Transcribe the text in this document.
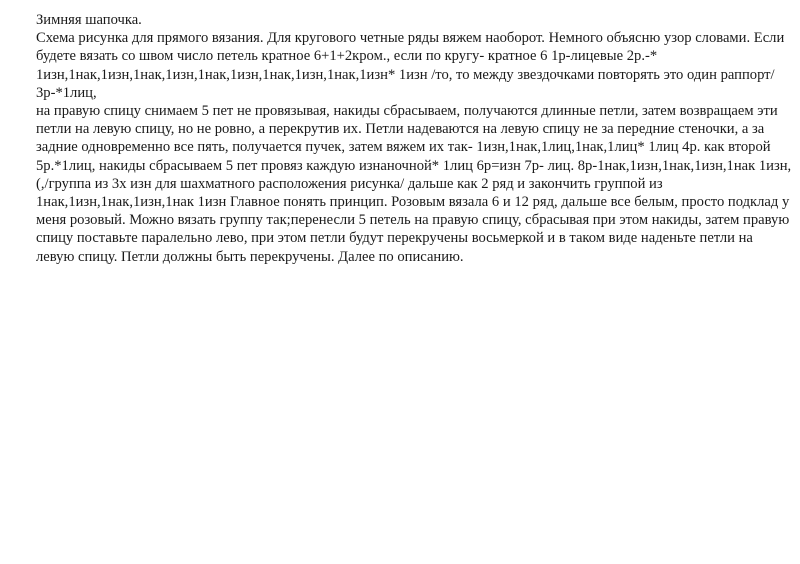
Зимняя шапочка.

Схема рисунка для прямого вязания. Для кругового четные ряды вяжем наоборот. Немного объясню узор словами. Если будете вязать со швом число петель кратное 6+1+2кром., если по кругу- кратное 6 1р-лицевые 2р.-* 1изн,1нак,1изн,1нак,1изн,1нак,1изн,1нак,1изн,1нак,1изн* 1изн /то, то между звездочками повторять это один раппорт/ 3р-*1лиц,

на правую спицу снимаем 5 пет не провязывая, накиды сбрасываем, получаются длинные петли, затем возвращаем эти петли на левую спицу, но не ровно, а перекрутив их. Петли надеваются на левую спицу не за передние стеночки, а за задние одновременно все пять, получается пучек, затем вяжем их так- 1изн,1нак,1лиц,1нак,1лиц* 1лиц 4р. как второй 5р.*1лиц, накиды сбрасываем 5 пет провяз каждую изнаночной* 1лиц 6р=изн 7р- лиц. 8р-1нак,1изн,1нак,1изн,1нак 1изн,(,/группа из 3х изн для шахматного расположения рисунка/ дальше как 2 ряд и закончить группой из 1нак,1изн,1нак,1изн,1нак 1изн Главное понять принцип. Розовым вязала 6 и 12 ряд, дальше все белым, просто подклад у меня розовый. Можно вязать группу так;перенесли 5 петель на правую спицу, сбрасывая при этом накиды, затем правую спицу поставьте паралельно лево, при этом петли будут перекручены восьмеркой и в таком виде наденьте петли на левую спицу. Петли должны быть перекручены. Далее по описанию.
